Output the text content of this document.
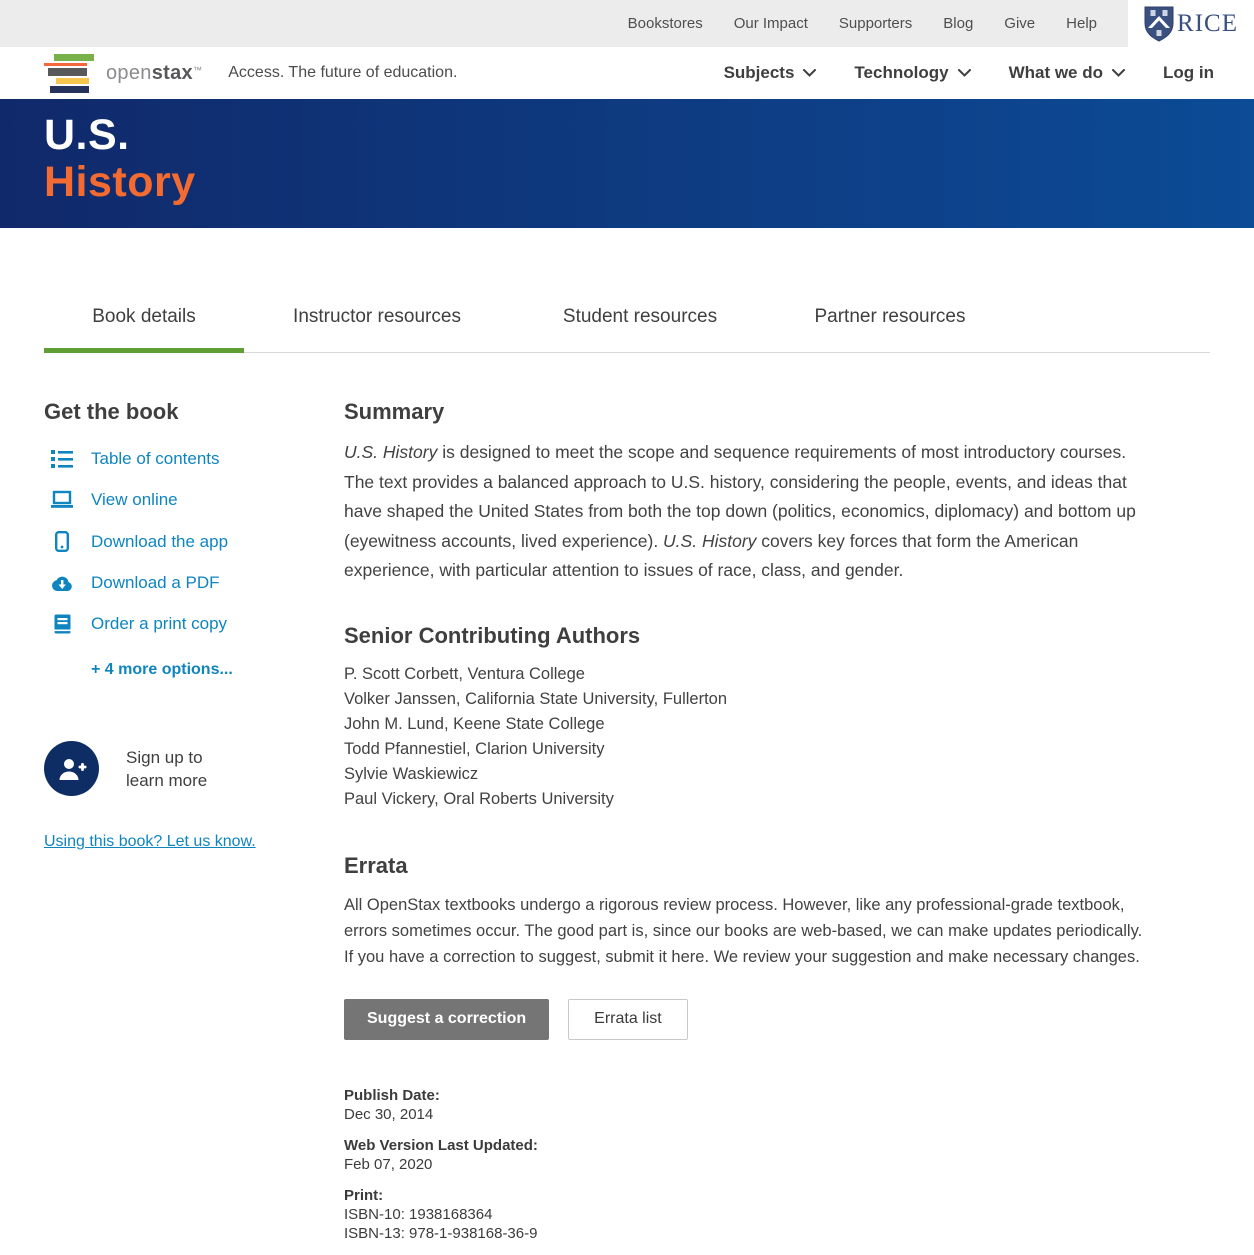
Bookstores Our Impact Supporters Blog Give Help	RICE
openstax™ Access. The future of education.	Subjects	Technology	What we do	Log in
U.S.
History
Book details	Instructor resources	Student resources	Partner resources
Get the book
Table of contents
View online
Download the app
Download a PDF
Order a print copy
+ 4 more options...
Sign up to
learn more
Using this book? Let us know.
Summary

U.S. History is designed to meet the scope and sequence requirements of most introductory courses. The text provides a balanced approach to U.S. history, considering the people, events, and ideas that have shaped the United States from both the top down (politics, economics, diplomacy) and bottom up (eyewitness accounts, lived experience). U.S. History covers key forces that form the American experience, with particular attention to issues of race, class, and gender.

Senior Contributing Authors
P. Scott Corbett, Ventura College
Volker Janssen, California State University, Fullerton
John M. Lund, Keene State College
Todd Pfannestiel, Clarion University
Sylvie Waskiewicz
Paul Vickery, Oral Roberts University
Errata

All OpenStax textbooks undergo a rigorous review process. However, like any professional-grade textbook, errors sometimes occur. The good part is, since our books are web-based, we can make updates periodically. If you have a correction to suggest, submit it here. We review your suggestion and make necessary changes.

Suggest a correction	Errata list
Publish Date:
Dec 30, 2014
Web Version Last Updated:
Feb 07, 2020
Print:
ISBN-10: 1938168364
ISBN-13: 978-1-938168-36-9
